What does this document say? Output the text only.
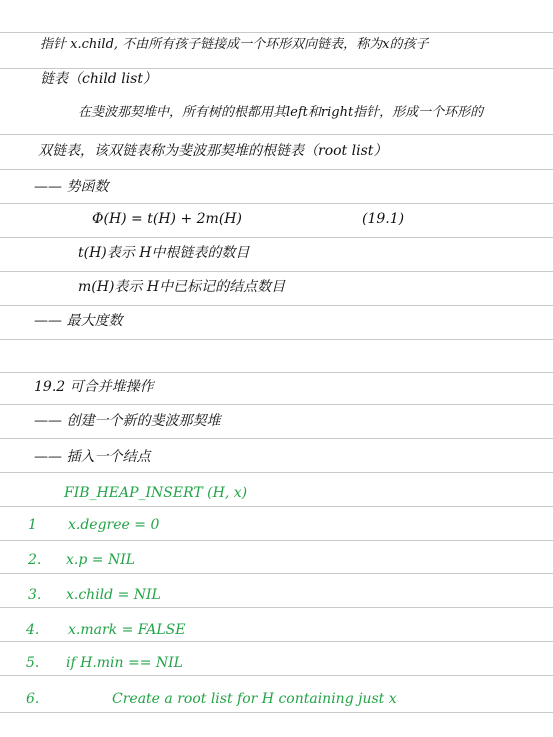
指针 x.child, 不由所有孩子链接成一个环形双向链表，称为x的孩子
链表（child list）
在斐波那契堆中，所有树的根都用其left和right指针，形成一个环形的
双链表，该双链表称为斐波那契堆的根链表（root list）
—— 势函数
Φ(H) = t(H) + 2m(H)	(19.1)
t(H)表示 H中根链表的数目
m(H)表示 H中已标记的结点数目
—— 最大度数
19.2 可合并堆操作
—— 创建一个新的斐波那契堆
—— 插入一个结点
FIB_HEAP_INSERT (H, x)
1 x.degree = 0
2. x.p = NIL
3. x.child = NIL
4. x.mark = FALSE
5. if H.min == NIL
6.	Create a root list for H containing just x
